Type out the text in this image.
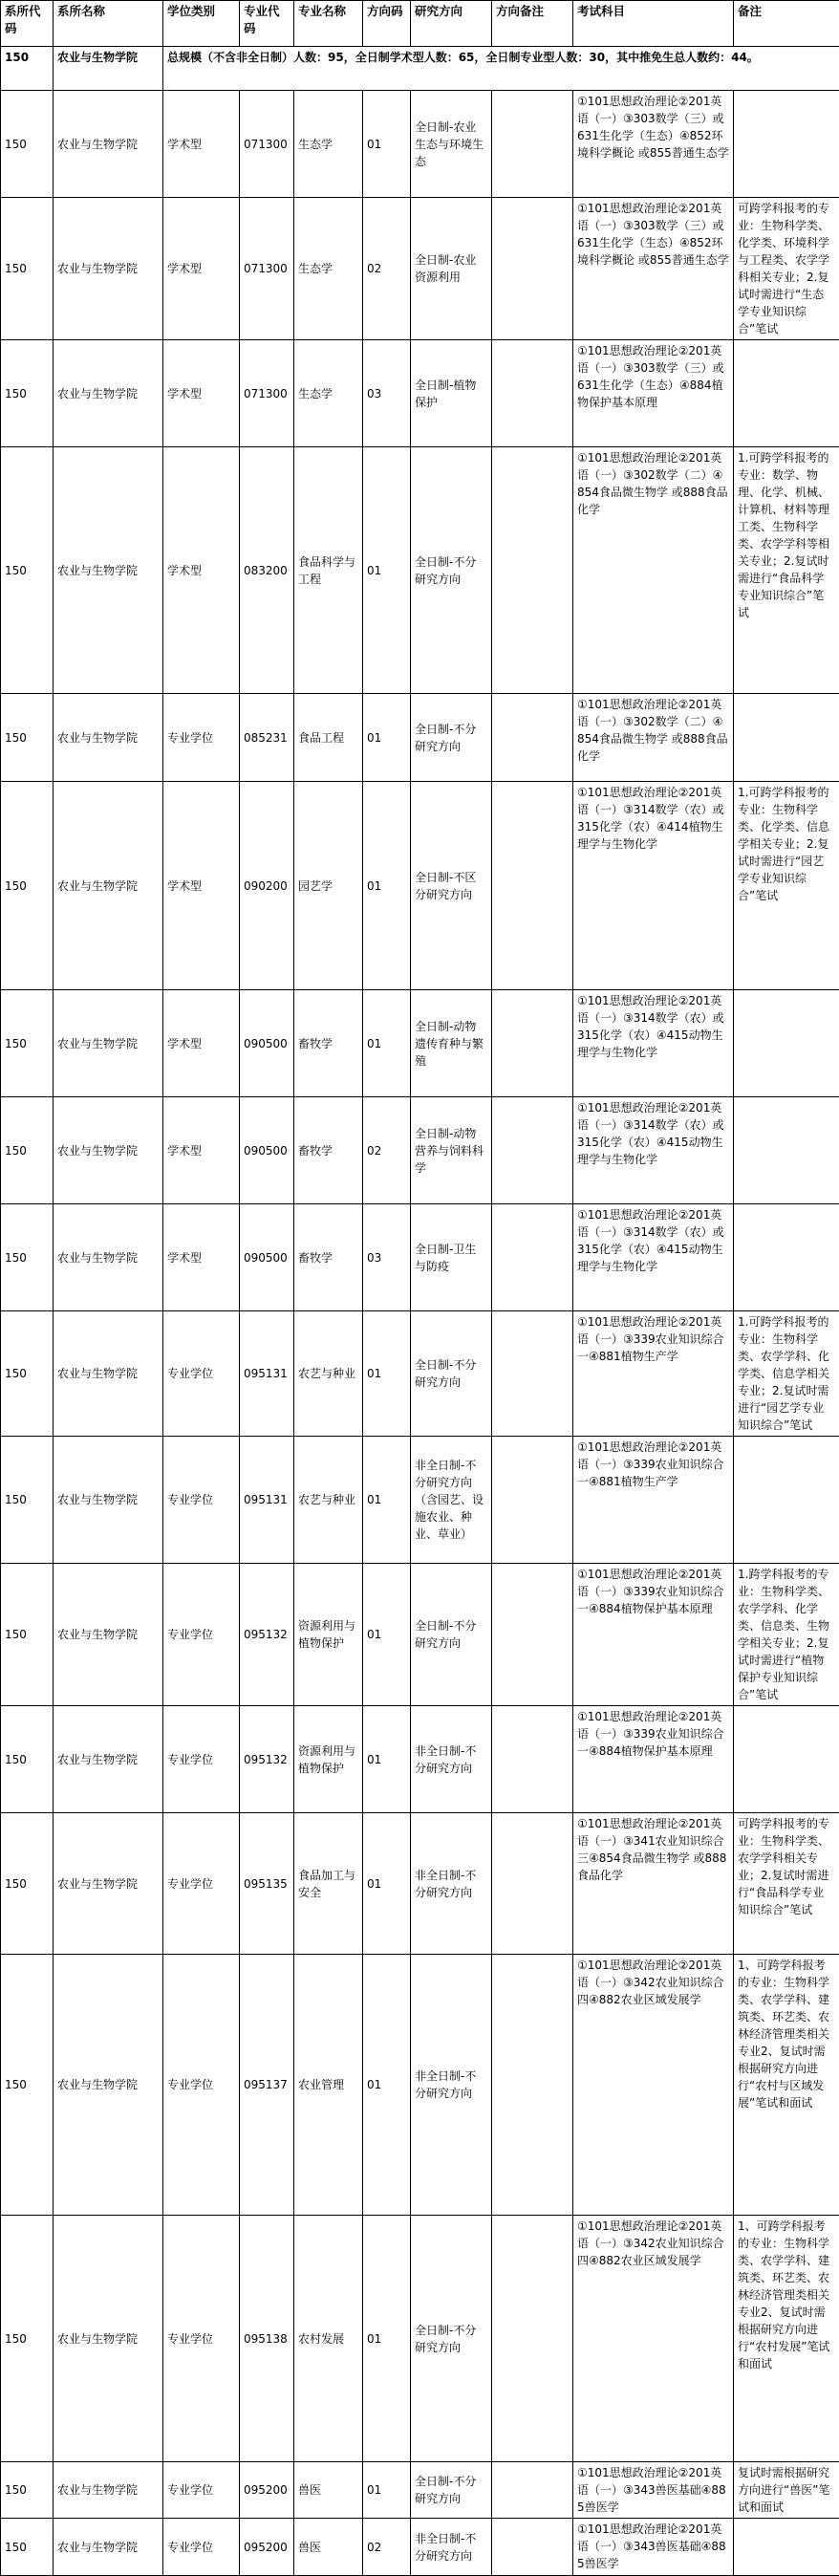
系所代码	系所名称	学位类别	专业代码	专业名称	方向码	研究方向	方向备注	考试科目	备注
150	农业与生物学院	总规模（不含非全日制）人数：95，全日制学术型人数：65，全日制专业型人数：30，其中推免生总人数约：44。							
150	农业与生物学院	学术型	071300	生态学	01	全日制-农业生态与环境生态		①101思想政治理论②201英语（一）③303数学（三）或631生化学（生态）④852环境科学概论 或855普通生态学	
150	农业与生物学院	学术型	071300	生态学	02	全日制-农业资源利用		①101思想政治理论②201英语（一）③303数学（三）或631生化学（生态）④852环境科学概论 或855普通生态学	可跨学科报考的专业：生物科学类、化学类、环境科学与工程类、农学学科相关专业；2.复试时需进行“生态学专业知识综合”笔试
150	农业与生物学院	学术型	071300	生态学	03	全日制-植物保护		①101思想政治理论②201英语（一）③303数学（三）或631生化学（生态）④884植物保护基本原理	
150	农业与生物学院	学术型	083200	食品科学与工程	01	全日制-不分研究方向		①101思想政治理论②201英语（一）③302数学（二）④854食品微生物学 或888食品化学	1.可跨学科报考的专业：数学、物理、化学、机械、计算机、材料等理工类、生物科学类、农学学科等相关专业；2.复试时需进行“食品科学专业知识综合”笔试
150	农业与生物学院	专业学位	085231	食品工程	01	全日制-不分研究方向		①101思想政治理论②201英语（一）③302数学（二）④854食品微生物学 或888食品化学	
150	农业与生物学院	学术型	090200	园艺学	01	全日制-不区分研究方向		①101思想政治理论②201英语（一）③314数学（农）或315化学（农）④414植物生理学与生物化学	1.可跨学科报考的专业：生物科学类、化学类、信息学相关专业；2.复试时需进行“园艺学专业知识综合”笔试
150	农业与生物学院	学术型	090500	畜牧学	01	全日制-动物遗传育种与繁殖		①101思想政治理论②201英语（一）③314数学（农）或315化学（农）④415动物生理学与生物化学	
150	农业与生物学院	学术型	090500	畜牧学	02	全日制-动物营养与饲料科学		①101思想政治理论②201英语（一）③314数学（农）或315化学（农）④415动物生理学与生物化学	
150	农业与生物学院	学术型	090500	畜牧学	03	全日制-卫生与防疫		①101思想政治理论②201英语（一）③314数学（农）或315化学（农）④415动物生理学与生物化学	
150	农业与生物学院	专业学位	095131	农艺与种业	01	全日制-不分研究方向		①101思想政治理论②201英语（一）③339农业知识综合一④881植物生产学	1.可跨学科报考的专业：生物科学类、农学学科、化学类、信息学相关专业；2.复试时需进行“园艺学专业知识综合”笔试
150	农业与生物学院	专业学位	095131	农艺与种业	01	非全日制-不分研究方向（含园艺、设施农业、种业、草业）		①101思想政治理论②201英语（一）③339农业知识综合一④881植物生产学	
150	农业与生物学院	专业学位	095132	资源利用与植物保护	01	全日制-不分研究方向		①101思想政治理论②201英语（一）③339农业知识综合一④884植物保护基本原理	1.跨学科报考的专业：生物科学类、农学学科、化学类、信息类、生物学相关专业；2.复试时需进行“植物保护专业知识综合”笔试
150	农业与生物学院	专业学位	095132	资源利用与植物保护	01	非全日制-不分研究方向		①101思想政治理论②201英语（一）③339农业知识综合一④884植物保护基本原理	
150	农业与生物学院	专业学位	095135	食品加工与安全	01	非全日制-不分研究方向		①101思想政治理论②201英语（一）③341农业知识综合三④854食品微生物学 或888食品化学	可跨学科报考的专业：生物科学类、农学学科相关专业；2.复试时需进行“食品科学专业知识综合”笔试
150	农业与生物学院	专业学位	095137	农业管理	01	非全日制-不分研究方向		①101思想政治理论②201英语（一）③342农业知识综合四④882农业区域发展学	1、可跨学科报考的专业：生物科学类、农学学科、建筑类、环艺类、农林经济管理类相关专业2、复试时需根据研究方向进行“农村与区域发展”笔试和面试
150	农业与生物学院	专业学位	095138	农村发展	01	全日制-不分研究方向		①101思想政治理论②201英语（一）③342农业知识综合四④882农业区域发展学	1、可跨学科报考的专业：生物科学类、农学学科、建筑类、环艺类、农林经济管理类相关专业2、复试时需根据研究方向进行“农村发展”笔试和面试
150	农业与生物学院	专业学位	095200	兽医	01	全日制-不分研究方向		①101思想政治理论②201英语（一）③343兽医基础④885兽医学	复试时需根据研究方向进行“兽医”笔试和面试
150	农业与生物学院	专业学位	095200	兽医	02	非全日制-不分研究方向		①101思想政治理论②201英语（一）③343兽医基础④885兽医学	
